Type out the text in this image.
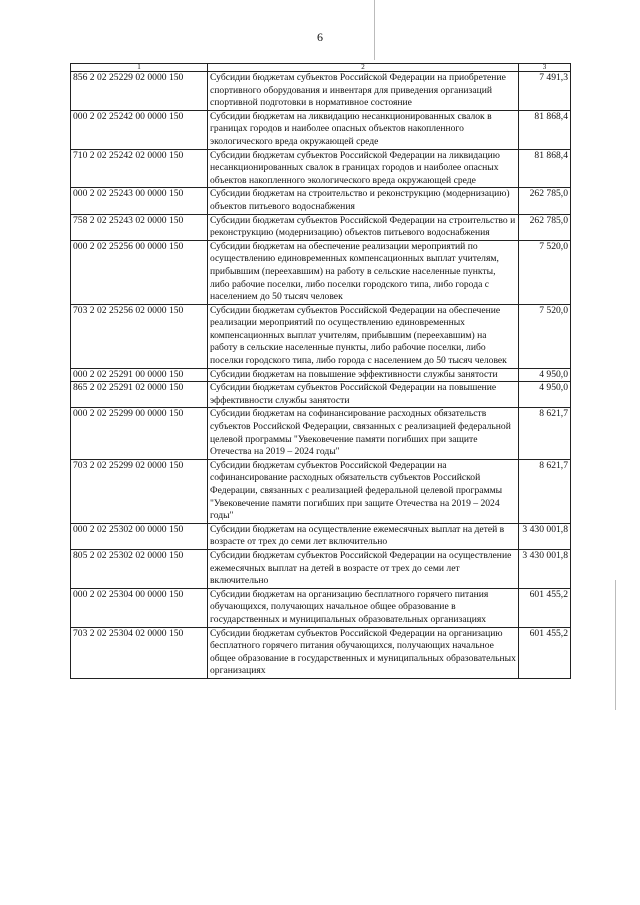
6
1	2	3
856 2 02 25229 02 0000 150	Субсидии бюджетам субъектов Российской Федерации на приобретение спортивного оборудования и инвентаря для приведения организаций спортивной подготовки в нормативное состояние	7 491,3
000 2 02 25242 00 0000 150	Субсидии бюджетам на ликвидацию несанкционированных свалок в границах городов и наиболее опасных объектов накопленного экологического вреда окружающей среде	81 868,4
710 2 02 25242 02 0000 150	Субсидии бюджетам субъектов Российской Федерации на ликвидацию несанкционированных свалок в границах городов и наиболее опасных объектов накопленного экологического вреда окружающей среде	81 868,4
000 2 02 25243 00 0000 150	Субсидии бюджетам на строительство и реконструкцию (модернизацию) объектов питьевого водоснабжения	262 785,0
758 2 02 25243 02 0000 150	Субсидии бюджетам субъектов Российской Федерации на строительство и реконструкцию (модернизацию) объектов питьевого водоснабжения	262 785,0
000 2 02 25256 00 0000 150	Субсидии бюджетам на обеспечение реализации мероприятий по осуществлению единовременных компенсационных выплат учителям, прибывшим (переехавшим) на работу в сельские населенные пункты, либо рабочие поселки, либо поселки городского типа, либо города с населением до 50 тысяч человек	7 520,0
703 2 02 25256 02 0000 150	Субсидии бюджетам субъектов Российской Федерации на обеспечение реализации мероприятий по осуществлению единовременных компенсационных выплат учителям, прибывшим (переехавшим) на работу в сельские населенные пункты, либо рабочие поселки, либо поселки городского типа, либо города с населением до 50 тысяч человек	7 520,0
000 2 02 25291 00 0000 150	Субсидии бюджетам на повышение эффективности службы занятости	4 950,0
865 2 02 25291 02 0000 150	Субсидии бюджетам субъектов Российской Федерации на повышение эффективности службы занятости	4 950,0
000 2 02 25299 00 0000 150	Субсидии бюджетам на софинансирование расходных обязательств субъектов Российской Федерации, связанных с реализацией федеральной целевой программы "Увековечение памяти погибших при защите Отечества на 2019 – 2024 годы"	8 621,7
703 2 02 25299 02 0000 150	Субсидии бюджетам субъектов Российской Федерации на софинансирование расходных обязательств субъектов Российской Федерации, связанных с реализацией федеральной целевой программы "Увековечение памяти погибших при защите Отечества на 2019 – 2024 годы"	8 621,7
000 2 02 25302 00 0000 150	Субсидии бюджетам на осуществление ежемесячных выплат на детей в возрасте от трех до семи лет включительно	3 430 001,8
805 2 02 25302 02 0000 150	Субсидии бюджетам субъектов Российской Федерации на осуществление ежемесячных выплат на детей в возрасте от трех до семи лет включительно	3 430 001,8
000 2 02 25304 00 0000 150	Субсидии бюджетам на организацию бесплатного горячего питания обучающихся, получающих начальное общее образование в государственных и муниципальных образовательных организациях	601 455,2
703 2 02 25304 02 0000 150	Субсидии бюджетам субъектов Российской Федерации на организацию бесплатного горячего питания обучающихся, получающих начальное общее образование в государственных и муниципальных образовательных организациях	601 455,2
